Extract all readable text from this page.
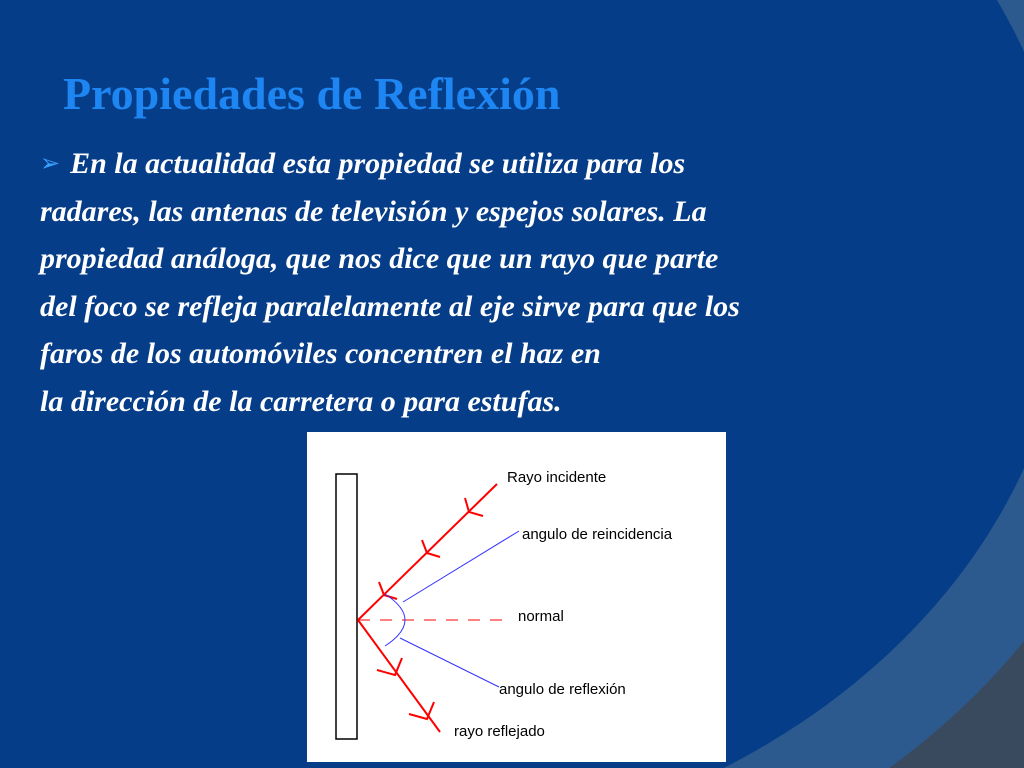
Propiedades de Reflexión
➢ En la actualidad esta propiedad se utiliza para los
radares, las antenas de televisión y espejos solares. La
propiedad análoga, que nos dice que un rayo que parte
del foco se refleja paralelamente al eje sirve para que los
faros de los automóviles concentren el haz en
la dirección de la carretera o para estufas.
Rayo incidente
angulo de reincidencia
normal
angulo de reflexión
rayo reflejado
